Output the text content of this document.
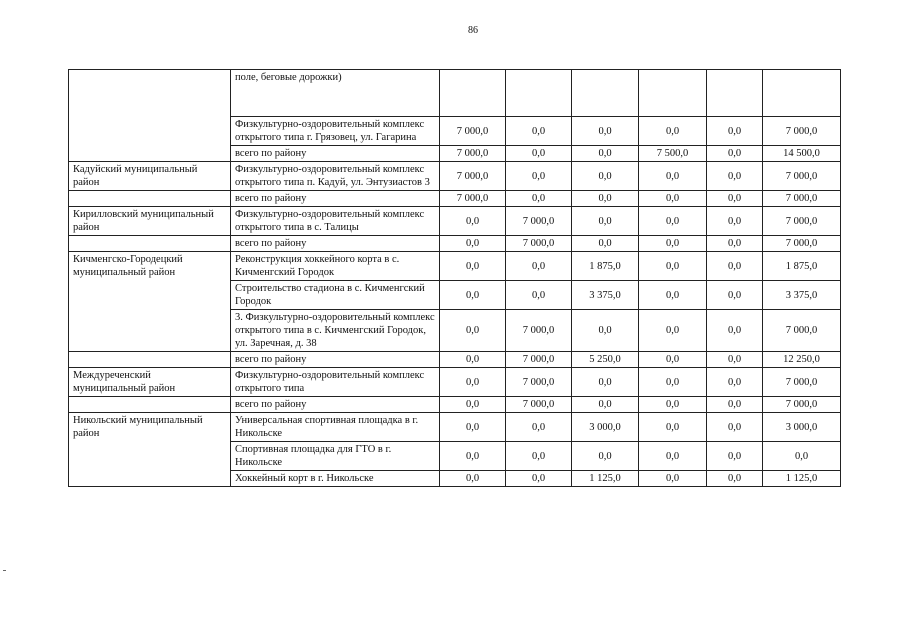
86
	поле, беговые дорожки)						
	Физкультурно-оздоровительный комплекс открытого типа г. Грязовец, ул. Гагарина	7 000,0	0,0	0,0	0,0	0,0	7 000,0
	всего по району	7 000,0	0,0	0,0	7 500,0	0,0	14 500,0
Кадуйский муниципальный район	Физкультурно-оздоровительный комплекс открытого типа п. Кадуй, ул. Энтузиастов 3	7 000,0	0,0	0,0	0,0	0,0	7 000,0
	всего по району	7 000,0	0,0	0,0	0,0	0,0	7 000,0
Кирилловский муниципальный район	Физкультурно-оздоровительный комплекс открытого типа в с. Талицы	0,0	7 000,0	0,0	0,0	0,0	7 000,0
	всего по району	0,0	7 000,0	0,0	0,0	0,0	7 000,0
Кичменгско-Городецкий муниципальный район	Реконструкция хоккейного корта в с. Кичменгский Городок	0,0	0,0	1 875,0	0,0	0,0	1 875,0
	Строительство стадиона в с. Кичменгский Городок	0,0	0,0	3 375,0	0,0	0,0	3 375,0
	3. Физкультурно-оздоровительный комплекс открытого типа в с. Кичменгский Городок, ул. Заречная, д. 38	0,0	7 000,0	0,0	0,0	0,0	7 000,0
	всего по району	0,0	7 000,0	5 250,0	0,0	0,0	12 250,0
Междуреченский муниципальный район	Физкультурно-оздоровительный комплекс открытого типа	0,0	7 000,0	0,0	0,0	0,0	7 000,0
	всего по району	0,0	7 000,0	0,0	0,0	0,0	7 000,0
Никольский муниципальный район	Универсальная спортивная площадка в г. Никольске	0,0	0,0	3 000,0	0,0	0,0	3 000,0
	Спортивная площадка для ГТО в г. Никольске	0,0	0,0	0,0	0,0	0,0	0,0
	Хоккейный корт в г. Никольске	0,0	0,0	1 125,0	0,0	0,0	1 125,0
